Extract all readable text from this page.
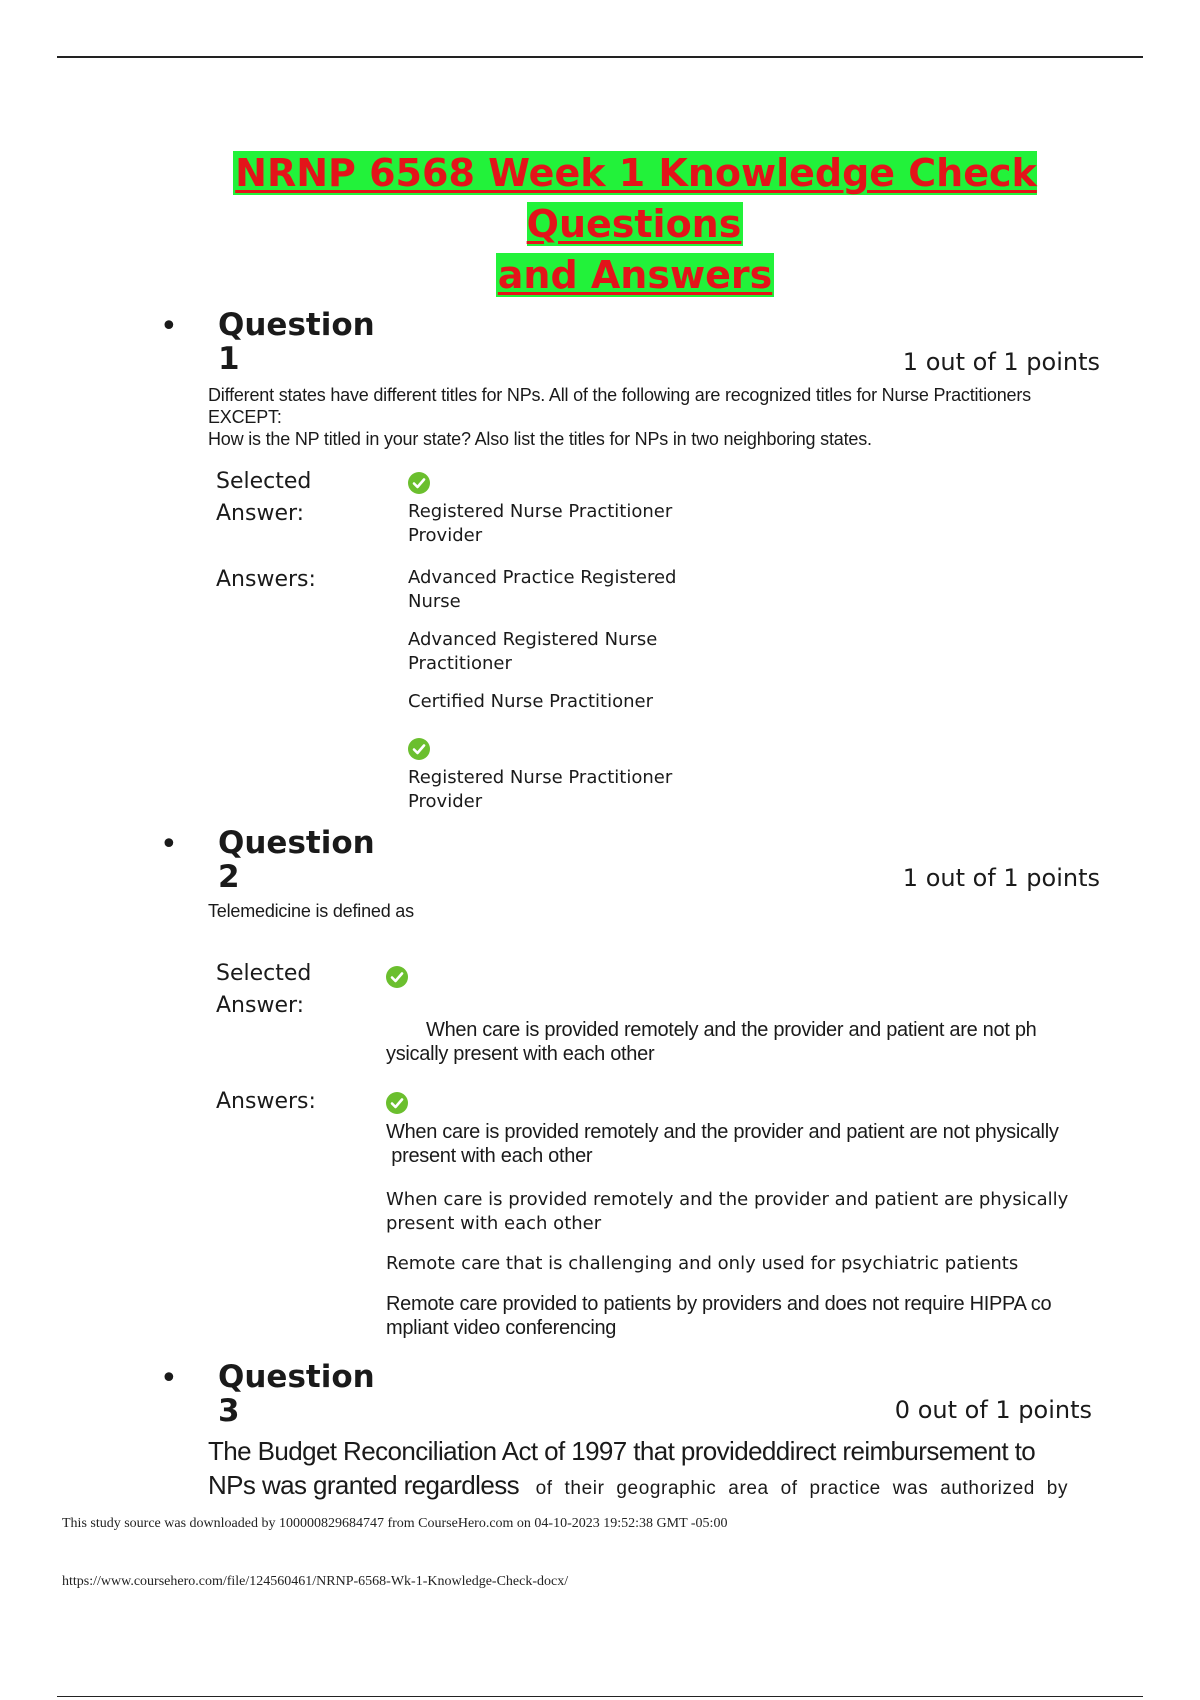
NRNP 6568 Week 1 Knowledge Check Questions
and Answers
• Question
1	1 out of 1 points
Different states have different titles for NPs. All of the following are recognized titles for Nurse Practitioners
EXCEPT:
How is the NP titled in your state? Also list the titles for NPs in two neighboring states.
Selected
Answer:	Registered Nurse Practitioner
Provider
Answers:	Advanced Practice Registered
Nurse
Advanced Registered Nurse
Practitioner
Certified Nurse Practitioner
Registered Nurse Practitioner
Provider
• Question
2	1 out of 1 points
Telemedicine is defined as
Selected
Answer:
When care is provided remotely and the provider and patient are not ph
ysically present with each other
Answers:
When care is provided remotely and the provider and patient are not physically
present with each other
When care is provided remotely and the provider and patient are physically
present with each other
Remote care that is challenging and only used for psychiatric patients
Remote care provided to patients by providers and does not require HIPPA co
mpliant video conferencing
• Question
3	0 out of 1 points
The Budget Reconciliation Act of 1997 that provideddirect reimbursement to
NPs was granted regardless of their geographic area of practice was authorized by
This study source was downloaded by 100000829684747 from CourseHero.com on 04-10-2023 19:52:38 GMT -05:00
https://www.coursehero.com/file/124560461/NRNP-6568-Wk-1-Knowledge-Check-docx/
